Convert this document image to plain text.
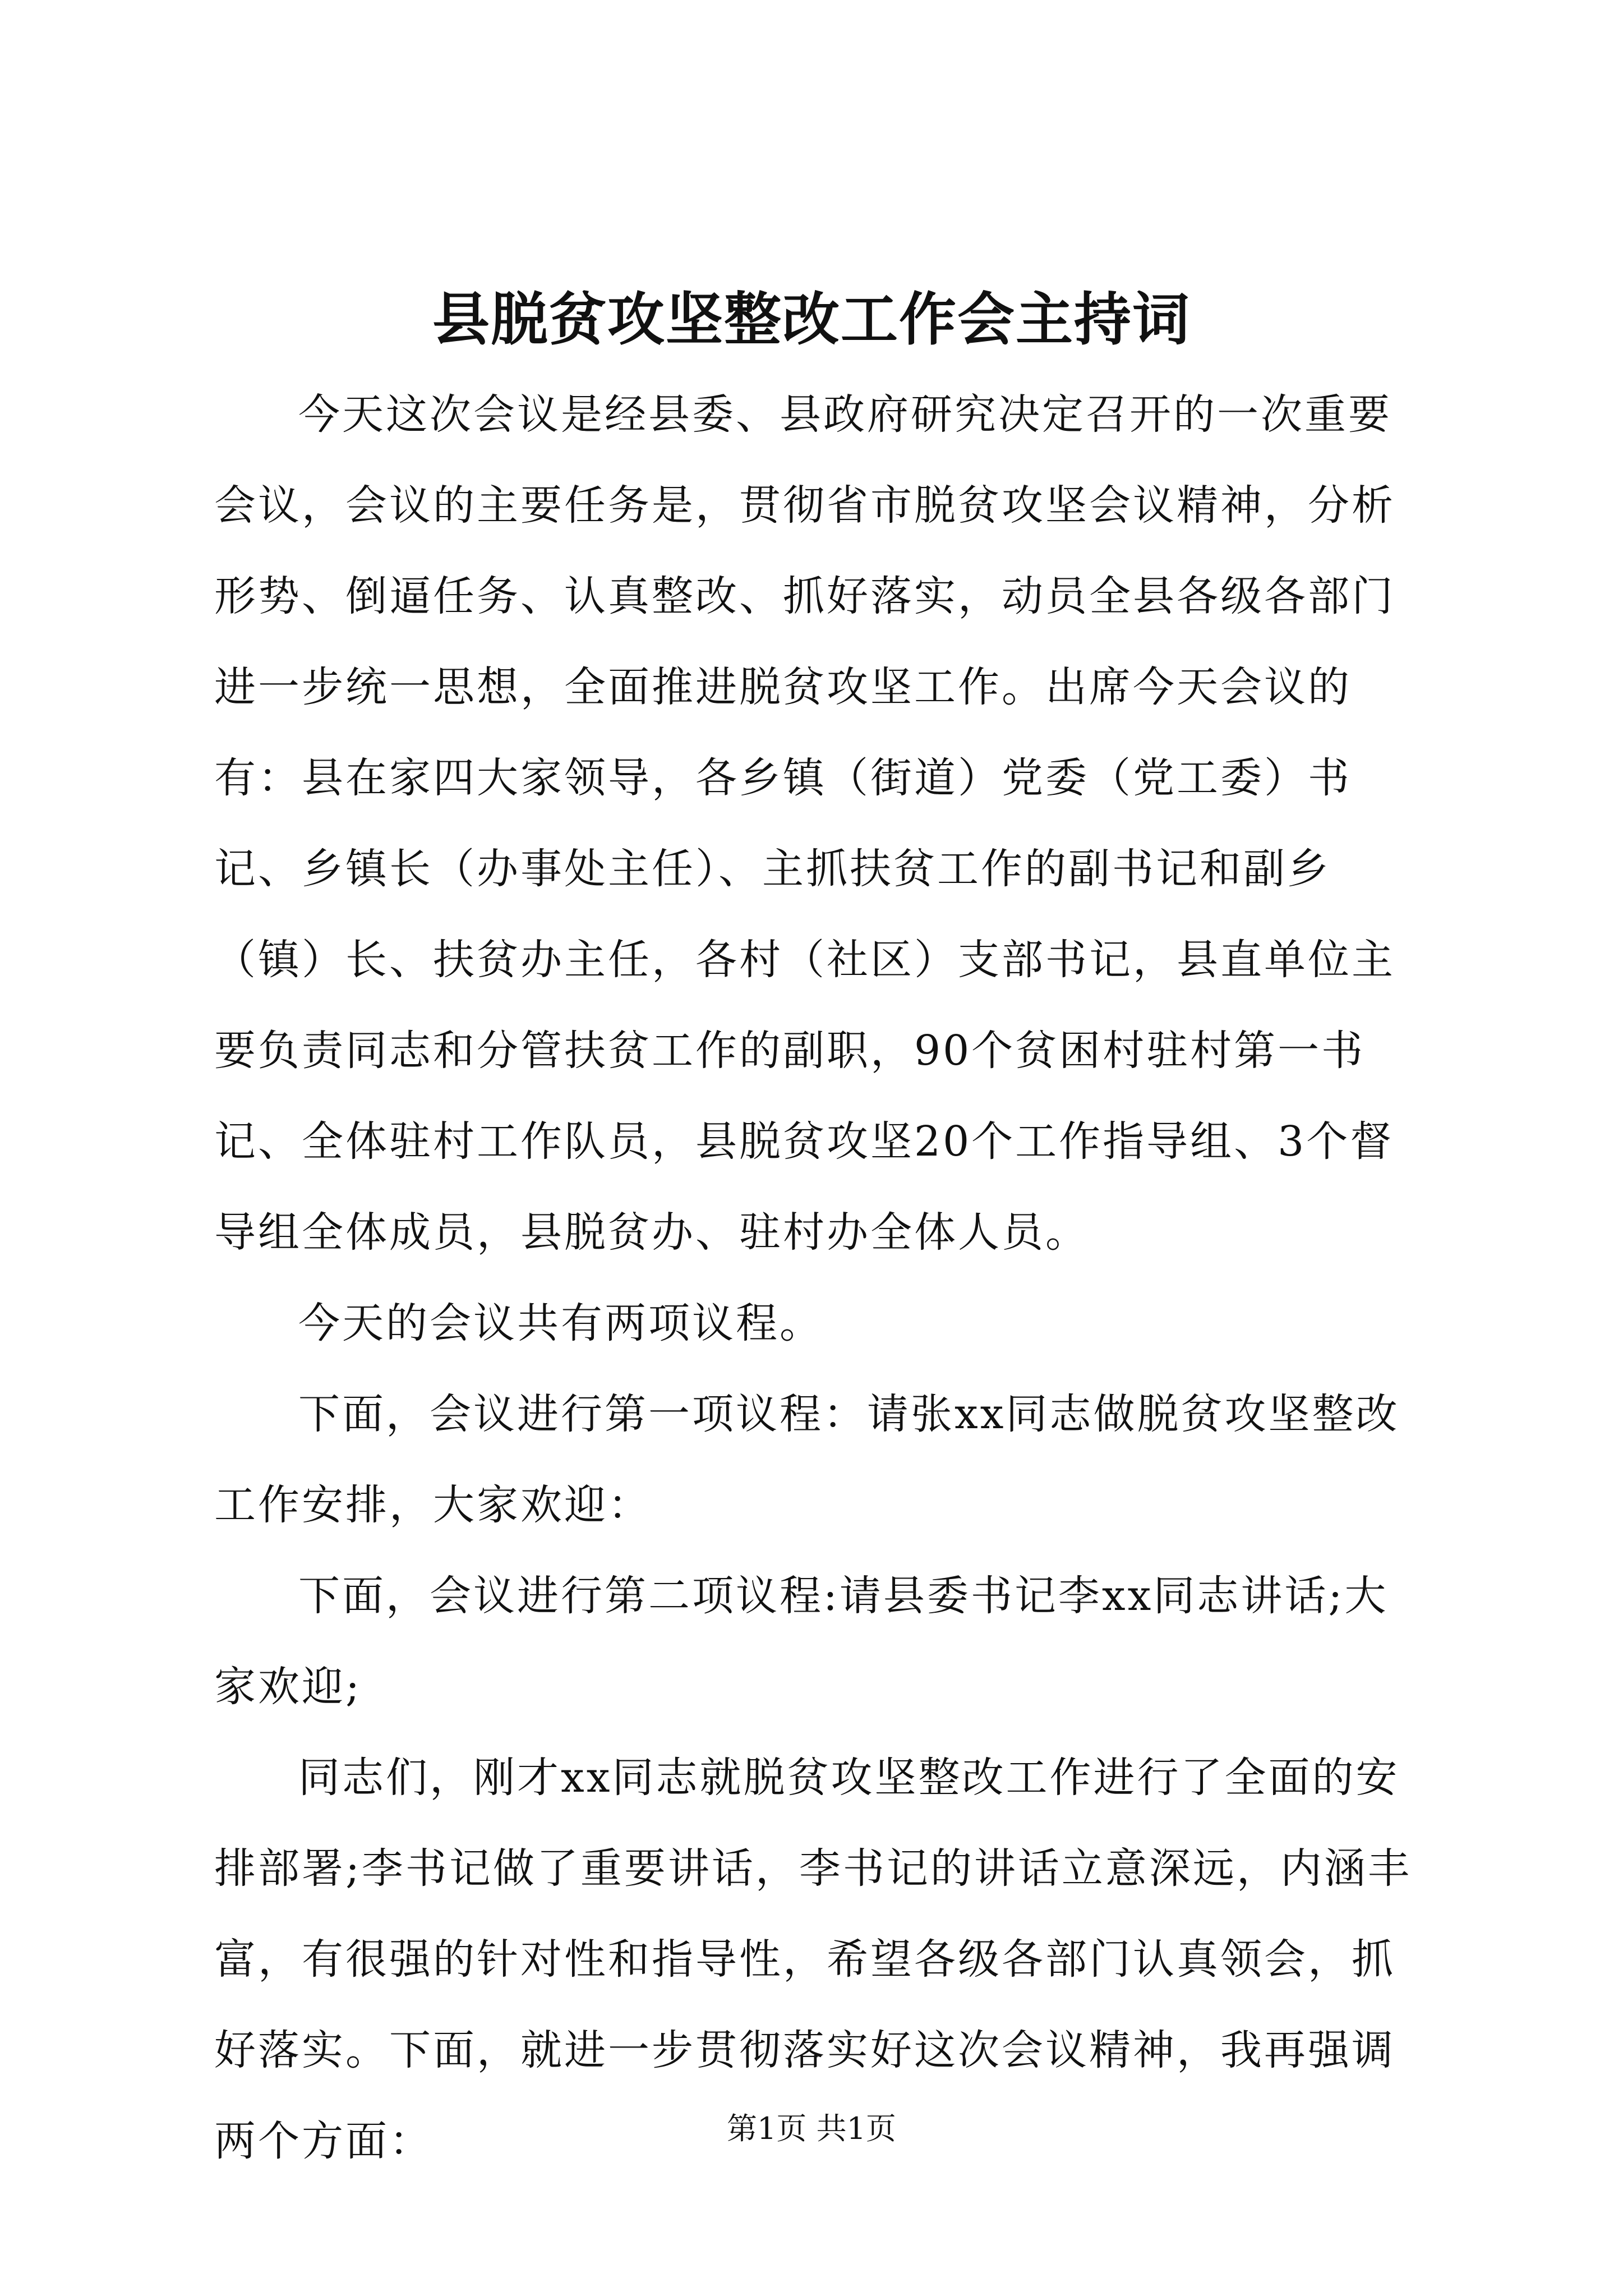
县脱贫攻坚整改工作会主持词

今天这次会议是经县委、县政府研究决定召开的一次重要会议，会议的主要任务是，贯彻省市脱贫攻坚会议精神，分析形势、倒逼任务、认真整改、抓好落实，动员全县各级各部门进一步统一思想，全面推进脱贫攻坚工作。出席今天会议的有：县在家四大家领导，各乡镇（街道）党委（党工委）书记、乡镇长（办事处主任）、主抓扶贫工作的副书记和副乡（镇）长、扶贫办主任，各村（社区）支部书记，县直单位主要负责同志和分管扶贫工作的副职，90个贫困村驻村第一书记、全体驻村工作队员，县脱贫攻坚20个工作指导组、3个督导组全体成员，县脱贫办、驻村办全体人员。

今天的会议共有两项议程。

下面，会议进行第一项议程：请张xx同志做脱贫攻坚整改工作安排，大家欢迎：

下面，会议进行第二项议程:请县委书记李xx同志讲话;大家欢迎;

同志们，刚才xx同志就脱贫攻坚整改工作进行了全面的安排部署;李书记做了重要讲话，李书记的讲话立意深远，内涵丰富，有很强的针对性和指导性，希望各级各部门认真领会，抓好落实。下面，就进一步贯彻落实好这次会议精神，我再强调两个方面：	第1页 共1页
